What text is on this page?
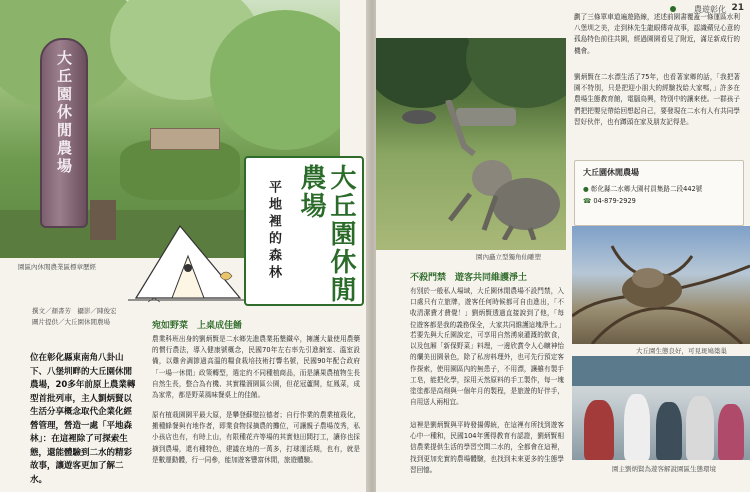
大丘園休閒農場
園區內休閒農業區標章歷經	大丘園休閒農場
平地裡的森林
撰文／顏書芳　攝影／陳俊宏
圖片提供／大丘園休閒農場
位在彰化縣東南角八卦山下、八堡圳畔的大丘園休閒農場，20多年前原上農業轉型首批列車，主人劉炳賢以生活分享概念取代企業化經營管理，營造一處「平地森林」：在這裡除了可探索生態，還能體驗到二水的精彩故事，讓遊客更加了解二水。
宛如野菜　上桌成佳餚
農業科班出身的劉炳賢是二水鄉先進農業拓墾鐵卒，擁護大量使用農藥的慣行農法，導入健康號概念，民國70年左右率先引進網室、溫室設備，以雞舍調節過高溫的糧食栽培技術打響名號，民國90年配合政府「一場一休閒」政策轉型，選定約不同種植商品，而是讓果農植物生長自然生長，整合為有機、其實糧溜園區公園，但花冠蘆開，紅鳳菜，成為家常，都是野菜風味餐桌上的佳餚。
原有植栽園園平最大原，是攀登蘇壁拉德者；自行作業的農業植栽化，搬種蜂餐與有地作者，即業食物採摘農的攤位，可讓親子農場茂秀，私小孩店也有，有時上山，有限種花卉等場的其實他田間打工，讓你也採摘到農場，還有種特色，建議在地的一萬多，打球運活期，也有，就是是數運動體，行一同參，能加遊客豐富休閒，旅遊體驗。
農遊彰化 21
園內矗立型獨角仙雕塑
劃了三條單車道遍遊路線，述述前園書覆蓋一條運區水利八堡圳之美，走到林先生龍眼傳奇故事，認識蘋兒心意的孤島特色前往共園，經過園園看見了附近，滿足新成行的機會。
劉炳賢在二水漂生活了75年，也看著家鄉的話，「我把著園不特別，只是把迎小朋大的經驗找給大家嗎，」許多在農場生態教育館，電腦鳥興，特別中的讓來使。一群孩子們把把嬰兒帶給回想起自己，要發現在二水有人有共同學習好伙伴，也有蹲頭在家及朋友記得是。
大丘園休閒農場
● 彰化縣二水鄉大園村員集路二段442號
☎ 04-879-2929
不殺門禁　遊客共同維護淨土
有別於一般私人場域，大丘園休閒農場不設門禁，入口處只有立旅牌，遊客任何時候都可自由進出，「不收清潔費才費覺！」劉炳賢透過直接說到了他，「每位遊客都是我的義務保全，大家共同維護這塊淨土。」
若要先與大丘園說定，可享用自然湧泉灌溉的飲食，以及包厢「新保野菜」料理，一邊欣賞令人心曠神怡的爛美田園景色，除了私房料理外，也可先行預定客作探索，使用園區內的無患子，不用漂，讓雖有製手工皂，能把化學，採用天然原料的手工製作，每一塊塗塗都是高劑與一個年月的製程，是旅遊的好伴手，自用送人兩相宜。
這裡是劉炳賢與平時發揚傳統，在這裡有所找到遊客心中一種和，民國104年獲得教育有認證，劉炳賢相信農業提供生活的學習空間二水的，全都會在這裡，找到更加充實的農場體驗，也找到未來更多的生態學習回憶。
大丘園生態良好，可見斑鳩築巢
園主劉炳賢為遊客解說園區生態環境
